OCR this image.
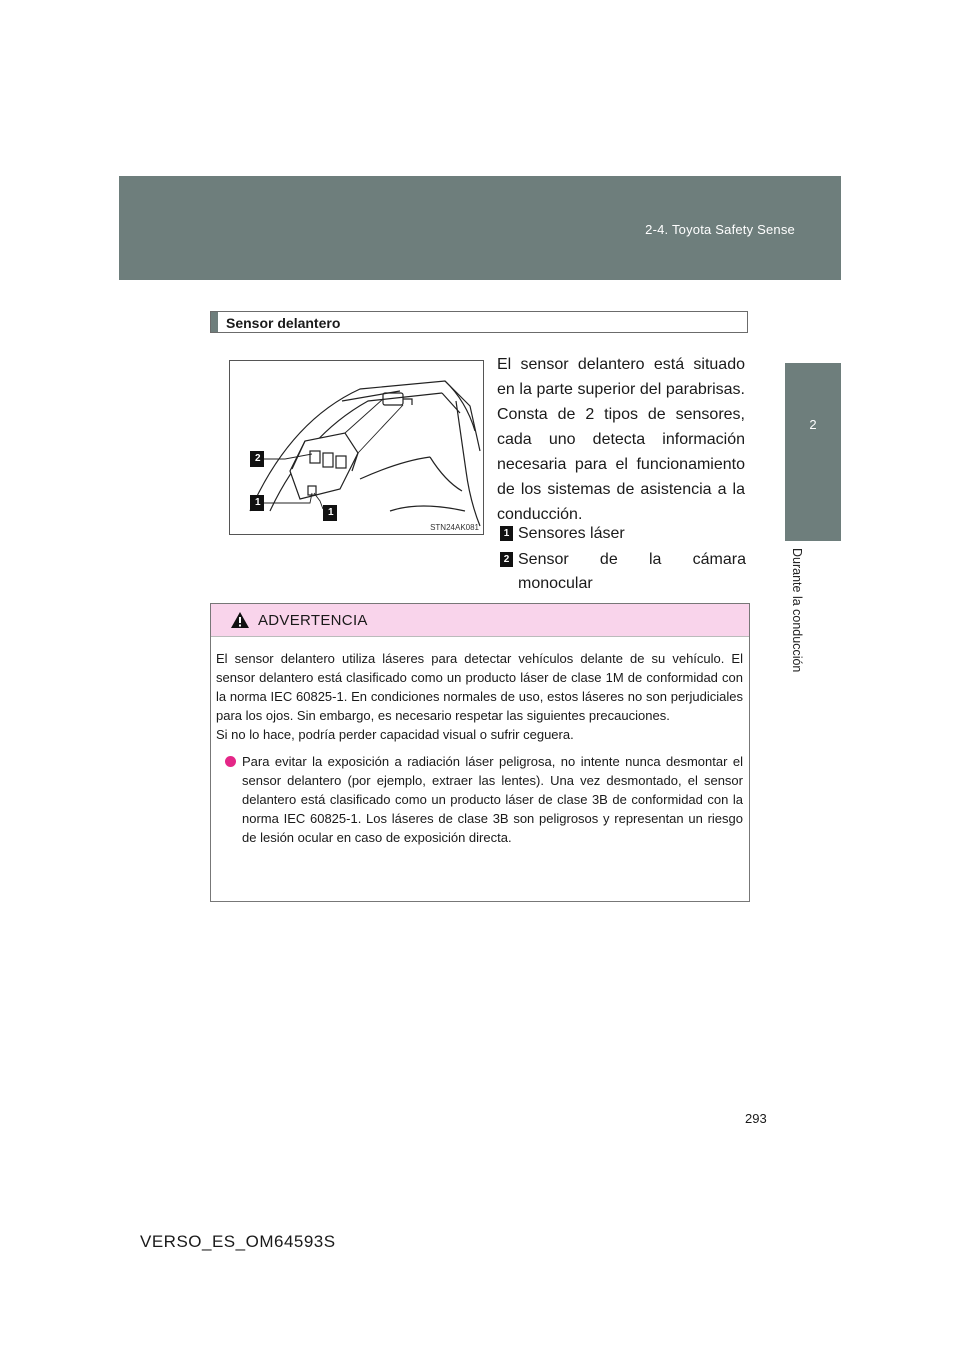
2-4. Toyota Safety Sense
2
Durante la conducción
Sensor delantero
2
1
1
STN24AK081

El sensor delantero está situado en la parte superior del parabrisas. Consta de 2 tipos de sensores, cada uno detecta información necesaria para el funcionamiento de los sistemas de asistencia a la conducción.

1 Sensores láser
2 Sensor de la cámara
monocular
ADVERTENCIA

El sensor delantero utiliza láseres para detectar vehículos delante de su vehículo. El sensor delantero está clasificado como un producto láser de clase 1M de conformidad con la norma IEC 60825-1. En condiciones normales de uso, estos láseres no son perjudiciales para los ojos. Sin embargo, es necesario respetar las siguientes precauciones.

Si no lo hace, podría perder capacidad visual o sufrir ceguera.

Para evitar la exposición a radiación láser peligrosa, no intente nunca desmontar el sensor delantero (por ejemplo, extraer las lentes). Una vez desmontado, el sensor delantero está clasificado como un producto láser de clase 3B de conformidad con la norma IEC 60825-1. Los láseres de clase 3B son peligrosos y representan un riesgo de lesión ocular en caso de exposición directa.

293
VERSO_ES_OM64593S
